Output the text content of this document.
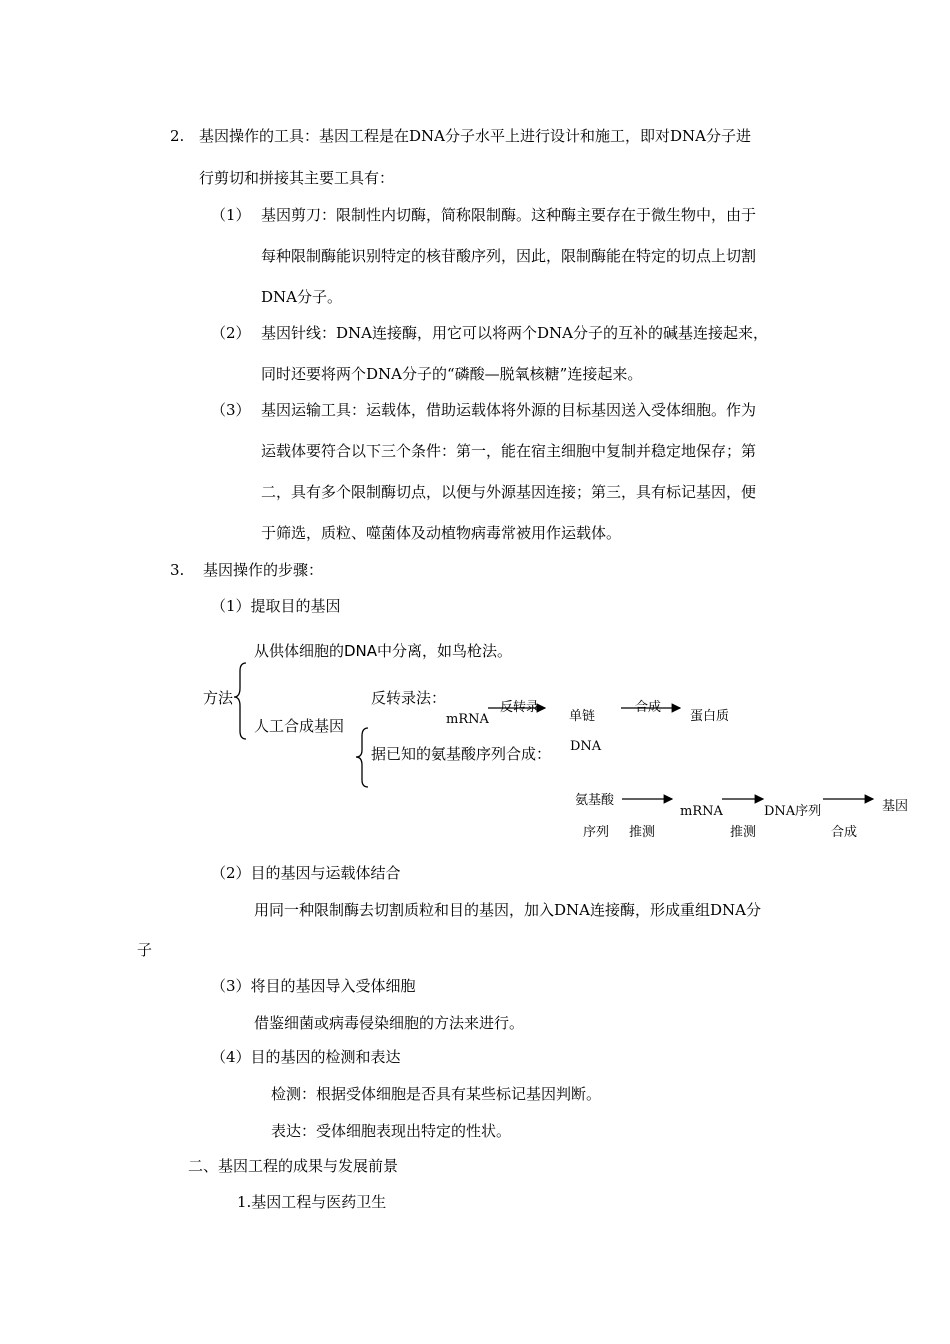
2. 基因操作的工具：基因工程是在DNA分子水平上进行设计和施工，即对DNA分子进
行剪切和拼接其主要工具有：
（1） 基因剪刀：限制性内切酶，简称限制酶。这种酶主要存在于微生物中，由于
每种限制酶能识别特定的核苷酸序列，因此，限制酶能在特定的切点上切割
DNA分子。
（2） 基因针线：DNA连接酶，用它可以将两个DNA分子的互补的碱基连接起来，
同时还要将两个DNA分子的“磷酸—脱氧核糖”连接起来。
（3） 基因运输工具：运载体，借助运载体将外源的目标基因送入受体细胞。作为
运载体要符合以下三个条件：第一，能在宿主细胞中复制并稳定地保存；第
二，具有多个限制酶切点，以便与外源基因连接；第三，具有标记基因，便
于筛选，质粒、噬菌体及动植物病毒常被用作运载体。
3. 基因操作的步骤：
（1）提取目的基因
方法
从供体细胞的DNA中分离，如鸟枪法。
人工合成基因
反转录法：
mRNA
反转录
单链
DNA
合成
蛋白质
据已知的氨基酸序列合成：
氨基酸
序列 推测
mRNA
推测
DNA序列
合成
基因
（2）目的基因与运载体结合
用同一种限制酶去切割质粒和目的基因，加入DNA连接酶，形成重组DNA分
子
（3）将目的基因导入受体细胞
借鉴细菌或病毒侵染细胞的方法来进行。
（4）目的基因的检测和表达
检测：根据受体细胞是否具有某些标记基因判断。
表达：受体细胞表现出特定的性状。
二、基因工程的成果与发展前景
1.基因工程与医药卫生
